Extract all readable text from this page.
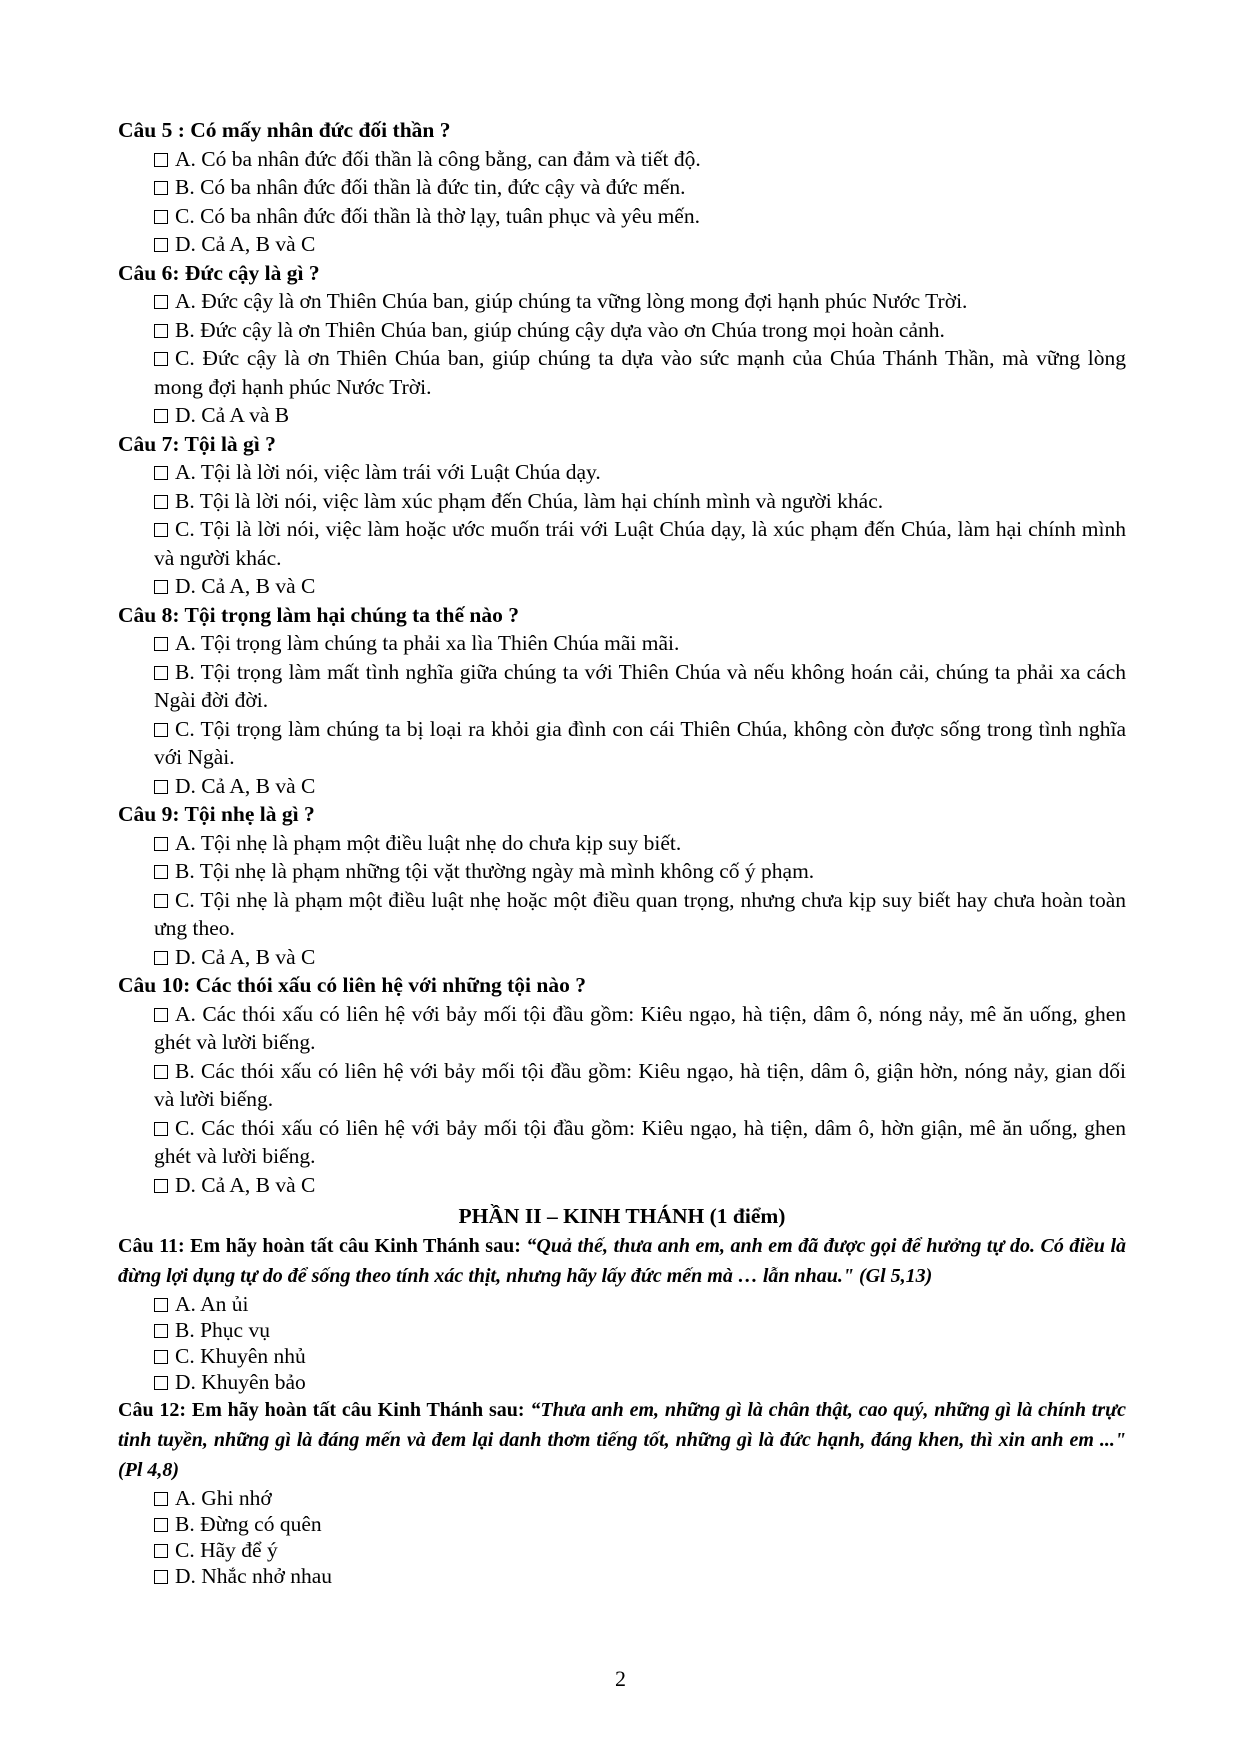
Câu 5 : Có mấy nhân đức đối thần ?
A. Có ba nhân đức đối thần là công bằng, can đảm và tiết độ.
B. Có ba nhân đức đối thần là đức tin, đức cậy và đức mến.
C. Có ba nhân đức đối thần là thờ lạy, tuân phục và yêu mến.
D. Cả A, B và C
Câu 6: Đức cậy là gì ?
A. Đức cậy là ơn Thiên Chúa ban, giúp chúng ta vững lòng mong đợi hạnh phúc Nước Trời.
B. Đức cậy là ơn Thiên Chúa ban, giúp chúng cậy dựa vào ơn Chúa trong mọi hoàn cảnh.
C. Đức cậy là ơn Thiên Chúa ban, giúp chúng ta dựa vào sức mạnh của Chúa Thánh Thần, mà vững lòng mong đợi hạnh phúc Nước Trời.
D. Cả A và B
Câu 7: Tội là gì ?
A. Tội là lời nói, việc làm trái với Luật Chúa dạy.
B. Tội là lời nói, việc làm xúc phạm đến Chúa, làm hại chính mình và người khác.
C. Tội là lời nói, việc làm hoặc ước muốn trái với Luật Chúa dạy, là xúc phạm đến Chúa, làm hại chính mình và người khác.
D. Cả A, B và C
Câu 8: Tội trọng làm hại chúng ta thế nào ?
A. Tội trọng làm chúng ta phải xa lìa Thiên Chúa mãi mãi.
B. Tội trọng làm mất tình nghĩa giữa chúng ta với Thiên Chúa và nếu không hoán cải, chúng ta phải xa cách Ngài đời đời.
C. Tội trọng làm chúng ta bị loại ra khỏi gia đình con cái Thiên Chúa, không còn được sống trong tình nghĩa với Ngài.
D. Cả A, B và C
Câu 9: Tội nhẹ là gì ?
A. Tội nhẹ là phạm một điều luật nhẹ do chưa kịp suy biết.
B. Tội nhẹ là phạm những tội vặt thường ngày mà mình không cố ý phạm.
C. Tội nhẹ là phạm một điều luật nhẹ hoặc một điều quan trọng, nhưng chưa kịp suy biết hay chưa hoàn toàn ưng theo.
D. Cả A, B và C
Câu 10: Các thói xấu có liên hệ với những tội nào ?
A. Các thói xấu có liên hệ với bảy mối tội đầu gồm: Kiêu ngạo, hà tiện, dâm ô, nóng nảy, mê ăn uống, ghen ghét và lười biếng.
B. Các thói xấu có liên hệ với bảy mối tội đầu gồm: Kiêu ngạo, hà tiện, dâm ô, giận hờn, nóng nảy, gian dối và lười biếng.
C. Các thói xấu có liên hệ với bảy mối tội đầu gồm: Kiêu ngạo, hà tiện, dâm ô, hờn giận, mê ăn uống, ghen ghét và lười biếng.
D. Cả A, B và C
PHẦN II – KINH THÁNH (1 điểm)
Câu 11: Em hãy hoàn tất câu Kinh Thánh sau: “Quả thế, thưa anh em, anh em đã được gọi để hưởng tự do. Có điều là đừng lợi dụng tự do để sống theo tính xác thịt, nhưng hãy lấy đức mến mà … lẫn nhau." (Gl 5,13)
A. An ủi
B. Phục vụ
C. Khuyên nhủ
D. Khuyên bảo
Câu 12: Em hãy hoàn tất câu Kinh Thánh sau: “Thưa anh em, những gì là chân thật, cao quý, những gì là chính trực tinh tuyền, những gì là đáng mến và đem lại danh thơm tiếng tốt, những gì là đức hạnh, đáng khen, thì xin anh em ..." (Pl 4,8)
A. Ghi nhớ
B. Đừng có quên
C. Hãy để ý
D. Nhắc nhở nhau
2
